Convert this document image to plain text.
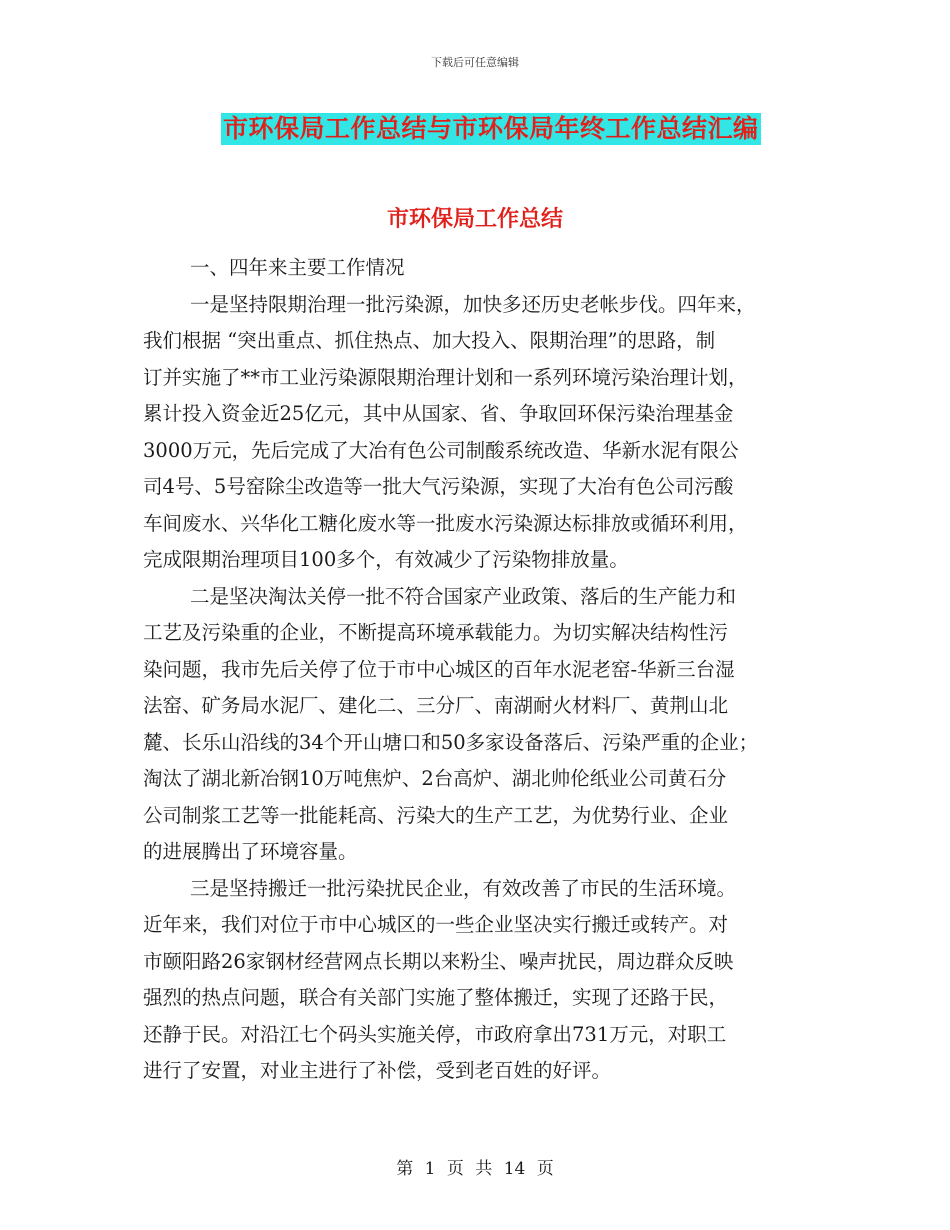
下载后可任意编辑
市环保局工作总结与市环保局年终工作总结汇编
市环保局工作总结
一、四年来主要工作情况
一是坚持限期治理一批污染源，加快多还历史老帐步伐。四年来，
我们根据 “突出重点、抓住热点、加大投入、限期治理”的思路，制
订并实施了**市工业污染源限期治理计划和一系列环境污染治理计划，
累计投入资金近25亿元，其中从国家、省、争取回环保污染治理基金
3000万元，先后完成了大冶有色公司制酸系统改造、华新水泥有限公
司4号、5号窑除尘改造等一批大气污染源，实现了大冶有色公司污酸
车间废水、兴华化工糖化废水等一批废水污染源达标排放或循环利用，
完成限期治理项目100多个，有效减少了污染物排放量。
二是坚决淘汰关停一批不符合国家产业政策、落后的生产能力和
工艺及污染重的企业，不断提高环境承载能力。为切实解决结构性污
染问题，我市先后关停了位于市中心城区的百年水泥老窑-华新三台湿
法窑、矿务局水泥厂、建化二、三分厂、南湖耐火材料厂、黄荆山北
麓、长乐山沿线的34个开山塘口和50多家设备落后、污染严重的企业；
淘汰了湖北新冶钢10万吨焦炉、2台高炉、湖北帅伦纸业公司黄石分
公司制浆工艺等一批能耗高、污染大的生产工艺，为优势行业、企业
的进展腾出了环境容量。
三是坚持搬迁一批污染扰民企业，有效改善了市民的生活环境。
近年来，我们对位于市中心城区的一些企业坚决实行搬迁或转产。对
市颐阳路26家钢材经营网点长期以来粉尘、噪声扰民，周边群众反映
强烈的热点问题，联合有关部门实施了整体搬迁，实现了还路于民，
还静于民。对沿江七个码头实施关停，市政府拿出731万元，对职工
进行了安置，对业主进行了补偿，受到老百姓的好评。
第 1 页 共 14 页
